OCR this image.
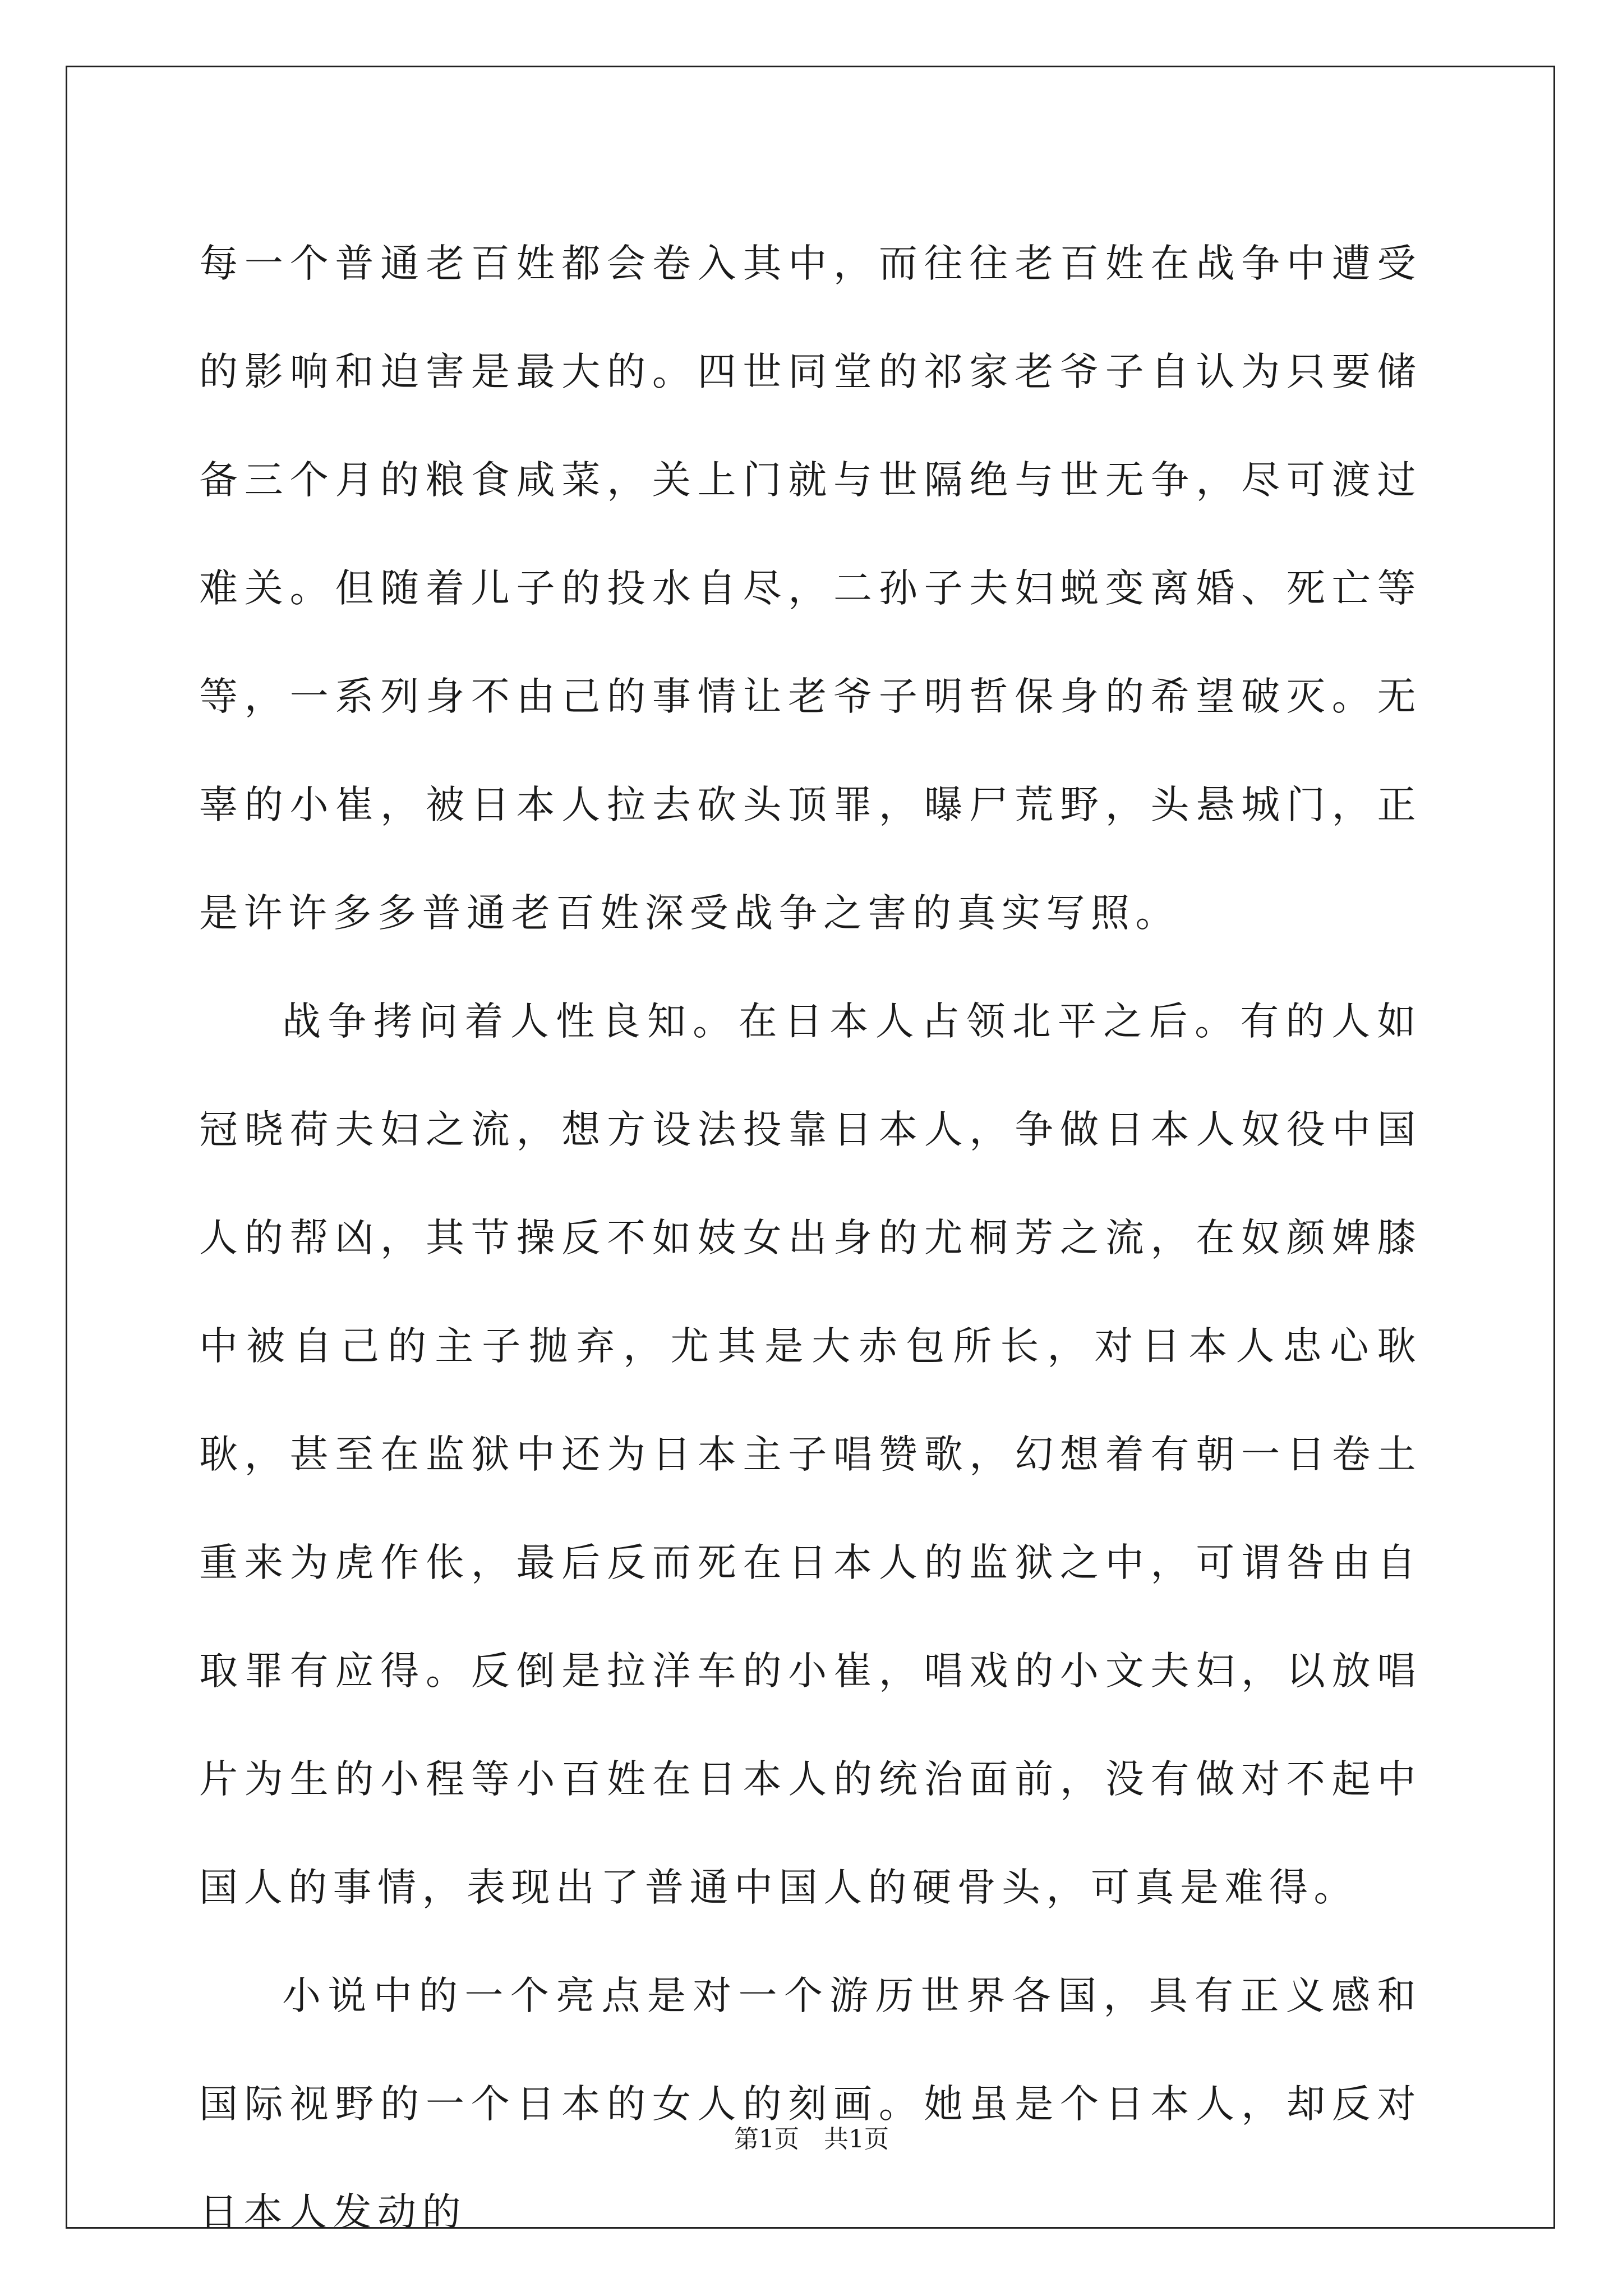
每一个普通老百姓都会卷入其中，而往往老百姓在战争中遭受的影响和迫害是最大的。四世同堂的祁家老爷子自认为只要储备三个月的粮食咸菜，关上门就与世隔绝与世无争，尽可渡过难关。但随着儿子的投水自尽，二孙子夫妇蜕变离婚、死亡等等，一系列身不由己的事情让老爷子明哲保身的希望破灭。无辜的小崔，被日本人拉去砍头顶罪，曝尸荒野，头悬城门，正是许许多多普通老百姓深受战争之害的真实写照。

战争拷问着人性良知。在日本人占领北平之后。有的人如冠晓荷夫妇之流，想方设法投靠日本人，争做日本人奴役中国人的帮凶，其节操反不如妓女出身的尤桐芳之流，在奴颜婢膝中被自己的主子抛弃，尤其是大赤包所长，对日本人忠心耿耿，甚至在监狱中还为日本主子唱赞歌，幻想着有朝一日卷土重来为虎作伥，最后反而死在日本人的监狱之中，可谓咎由自取罪有应得。反倒是拉洋车的小崔，唱戏的小文夫妇，以放唱片为生的小程等小百姓在日本人的统治面前，没有做对不起中国人的事情，表现出了普通中国人的硬骨头，可真是难得。

小说中的一个亮点是对一个游历世界各国，具有正义感和国际视野的一个日本的女人的刻画。她虽是个日本人，却反对日本人发动的

第1页 共1页
